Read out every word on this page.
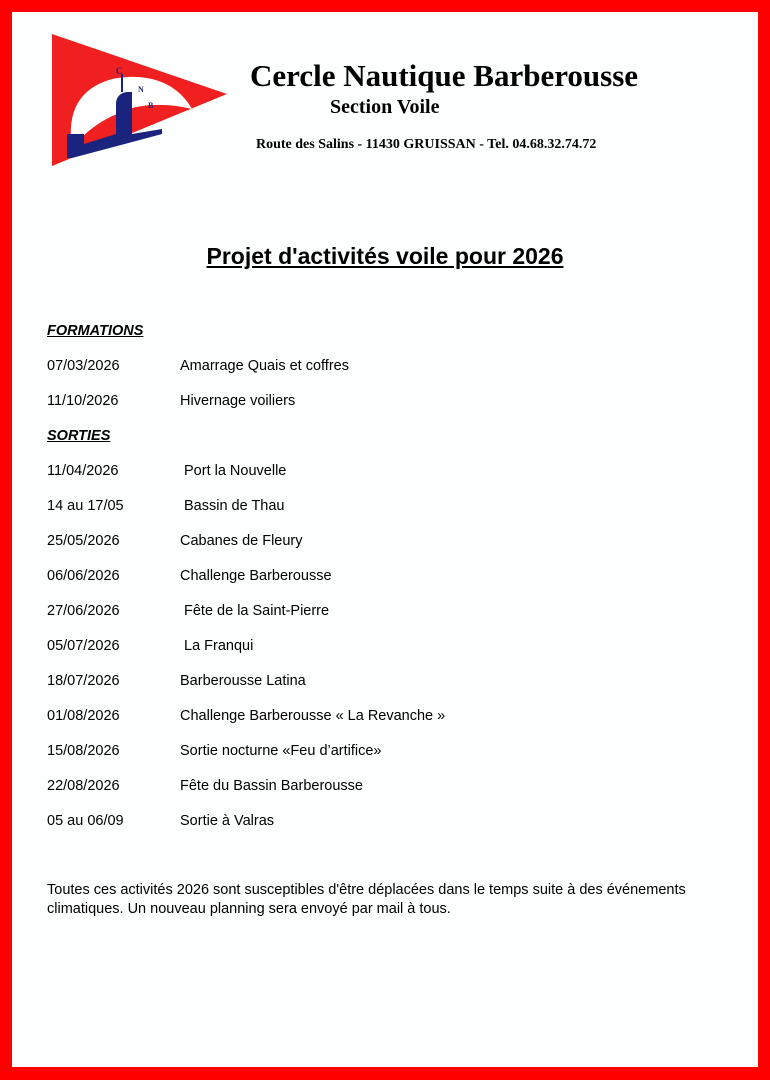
C
N
B
Cercle Nautique Barberousse
Section Voile
Route des Salins - 11430 GRUISSAN - Tel. 04.68.32.74.72
Projet d'activités voile pour 2026
FORMATIONS
07/03/2026	Amarrage Quais et coffres
11/10/2026	Hivernage voiliers
SORTIES
11/04/2026	Port la Nouvelle
14 au 17/05	Bassin de Thau
25/05/2026	Cabanes de Fleury
06/06/2026	Challenge Barberousse
27/06/2026	Fête de la Saint-Pierre
05/07/2026	La Franqui
18/07/2026	Barberousse Latina
01/08/2026	Challenge Barberousse « La Revanche »
15/08/2026	Sortie nocturne «Feu d’artifice»
22/08/2026	Fête du Bassin Barberousse
05 au 06/09	Sortie à Valras
Toutes ces activités 2026 sont susceptibles d'être déplacées dans le temps suite à des événements climatiques. Un nouveau planning sera envoyé par mail à tous.
